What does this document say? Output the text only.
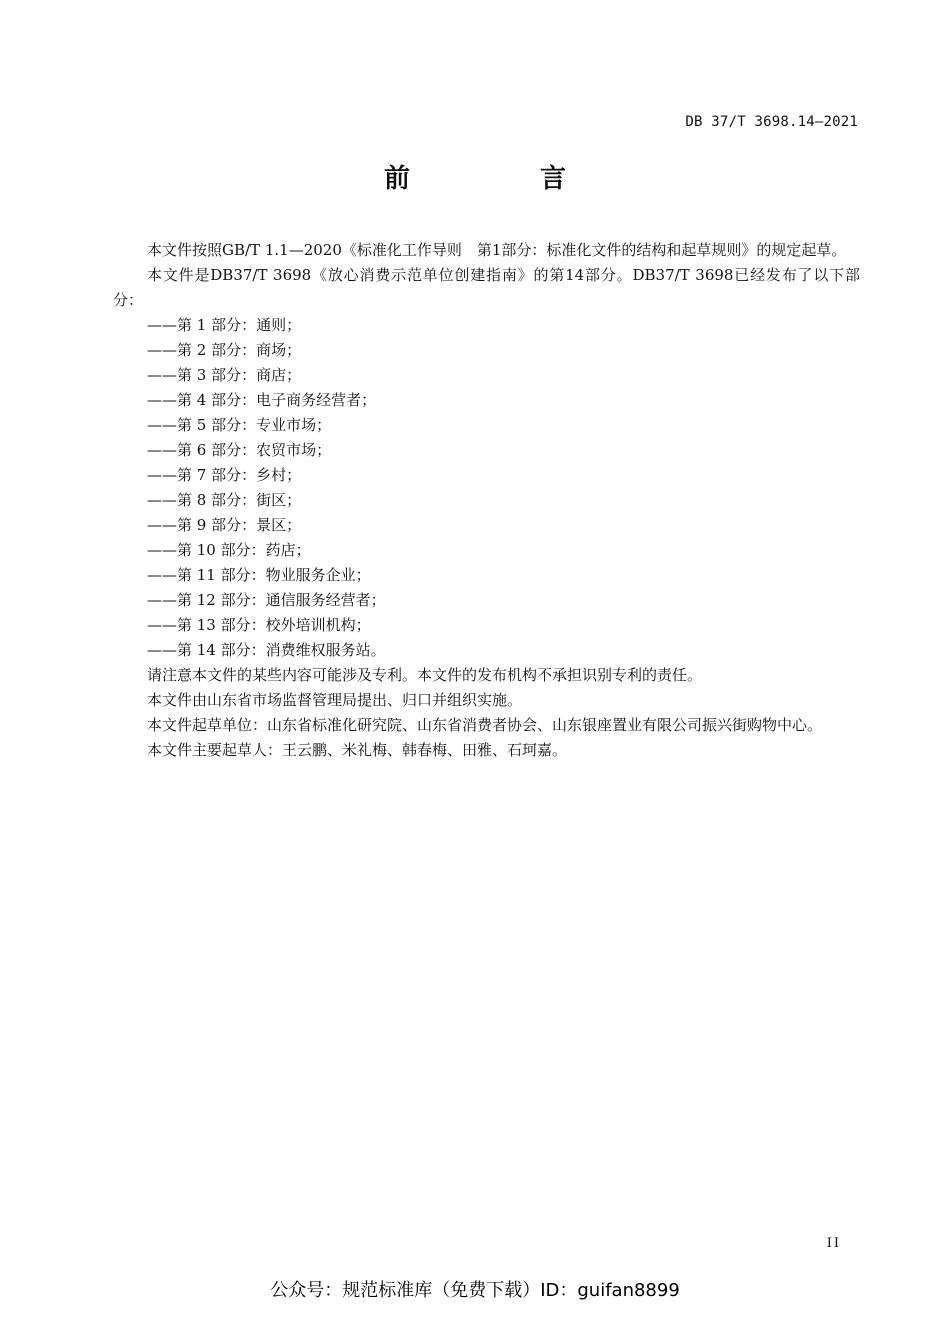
DB 37/T 3698.14—2021
前　言

本文件按照GB/T 1.1—2020《标准化工作导则　第1部分：标准化文件的结构和起草规则》的规定起草。

本文件是DB37/T 3698《放心消费示范单位创建指南》的第14部分。DB37/T 3698已经发布了以下部分：

——第 1 部分：通则；

——第 2 部分：商场；

——第 3 部分：商店；

——第 4 部分：电子商务经营者；

——第 5 部分：专业市场；

——第 6 部分：农贸市场；

——第 7 部分：乡村；

——第 8 部分：街区；

——第 9 部分：景区；

——第 10 部分：药店；

——第 11 部分：物业服务企业；

——第 12 部分：通信服务经营者；

——第 13 部分：校外培训机构；

——第 14 部分：消费维权服务站。

请注意本文件的某些内容可能涉及专利。本文件的发布机构不承担识别专利的责任。

本文件由山东省市场监督管理局提出、归口并组织实施。

本文件起草单位：山东省标准化研究院、山东省消费者协会、山东银座置业有限公司振兴街购物中心。

本文件主要起草人：王云鹏、米礼梅、韩春梅、田雅、石珂嘉。

II
公众号：规范标准库（免费下载）ID：guifan8899
